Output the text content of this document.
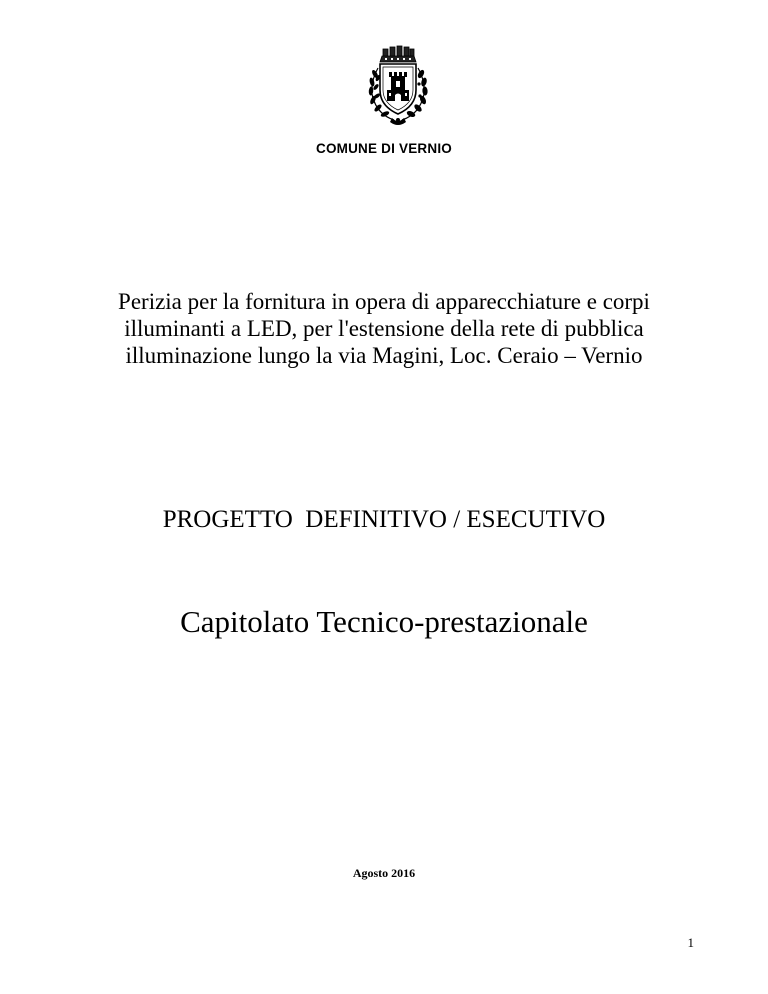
COMUNE DI VERNIO
Perizia per la fornitura in opera di apparecchiature e corpi illuminanti a LED, per l'estensione della rete di pubblica illuminazione lungo la via Magini, Loc. Ceraio – Vernio
PROGETTO  DEFINITIVO / ESECUTIVO
Capitolato Tecnico-prestazionale
Agosto 2016
1
